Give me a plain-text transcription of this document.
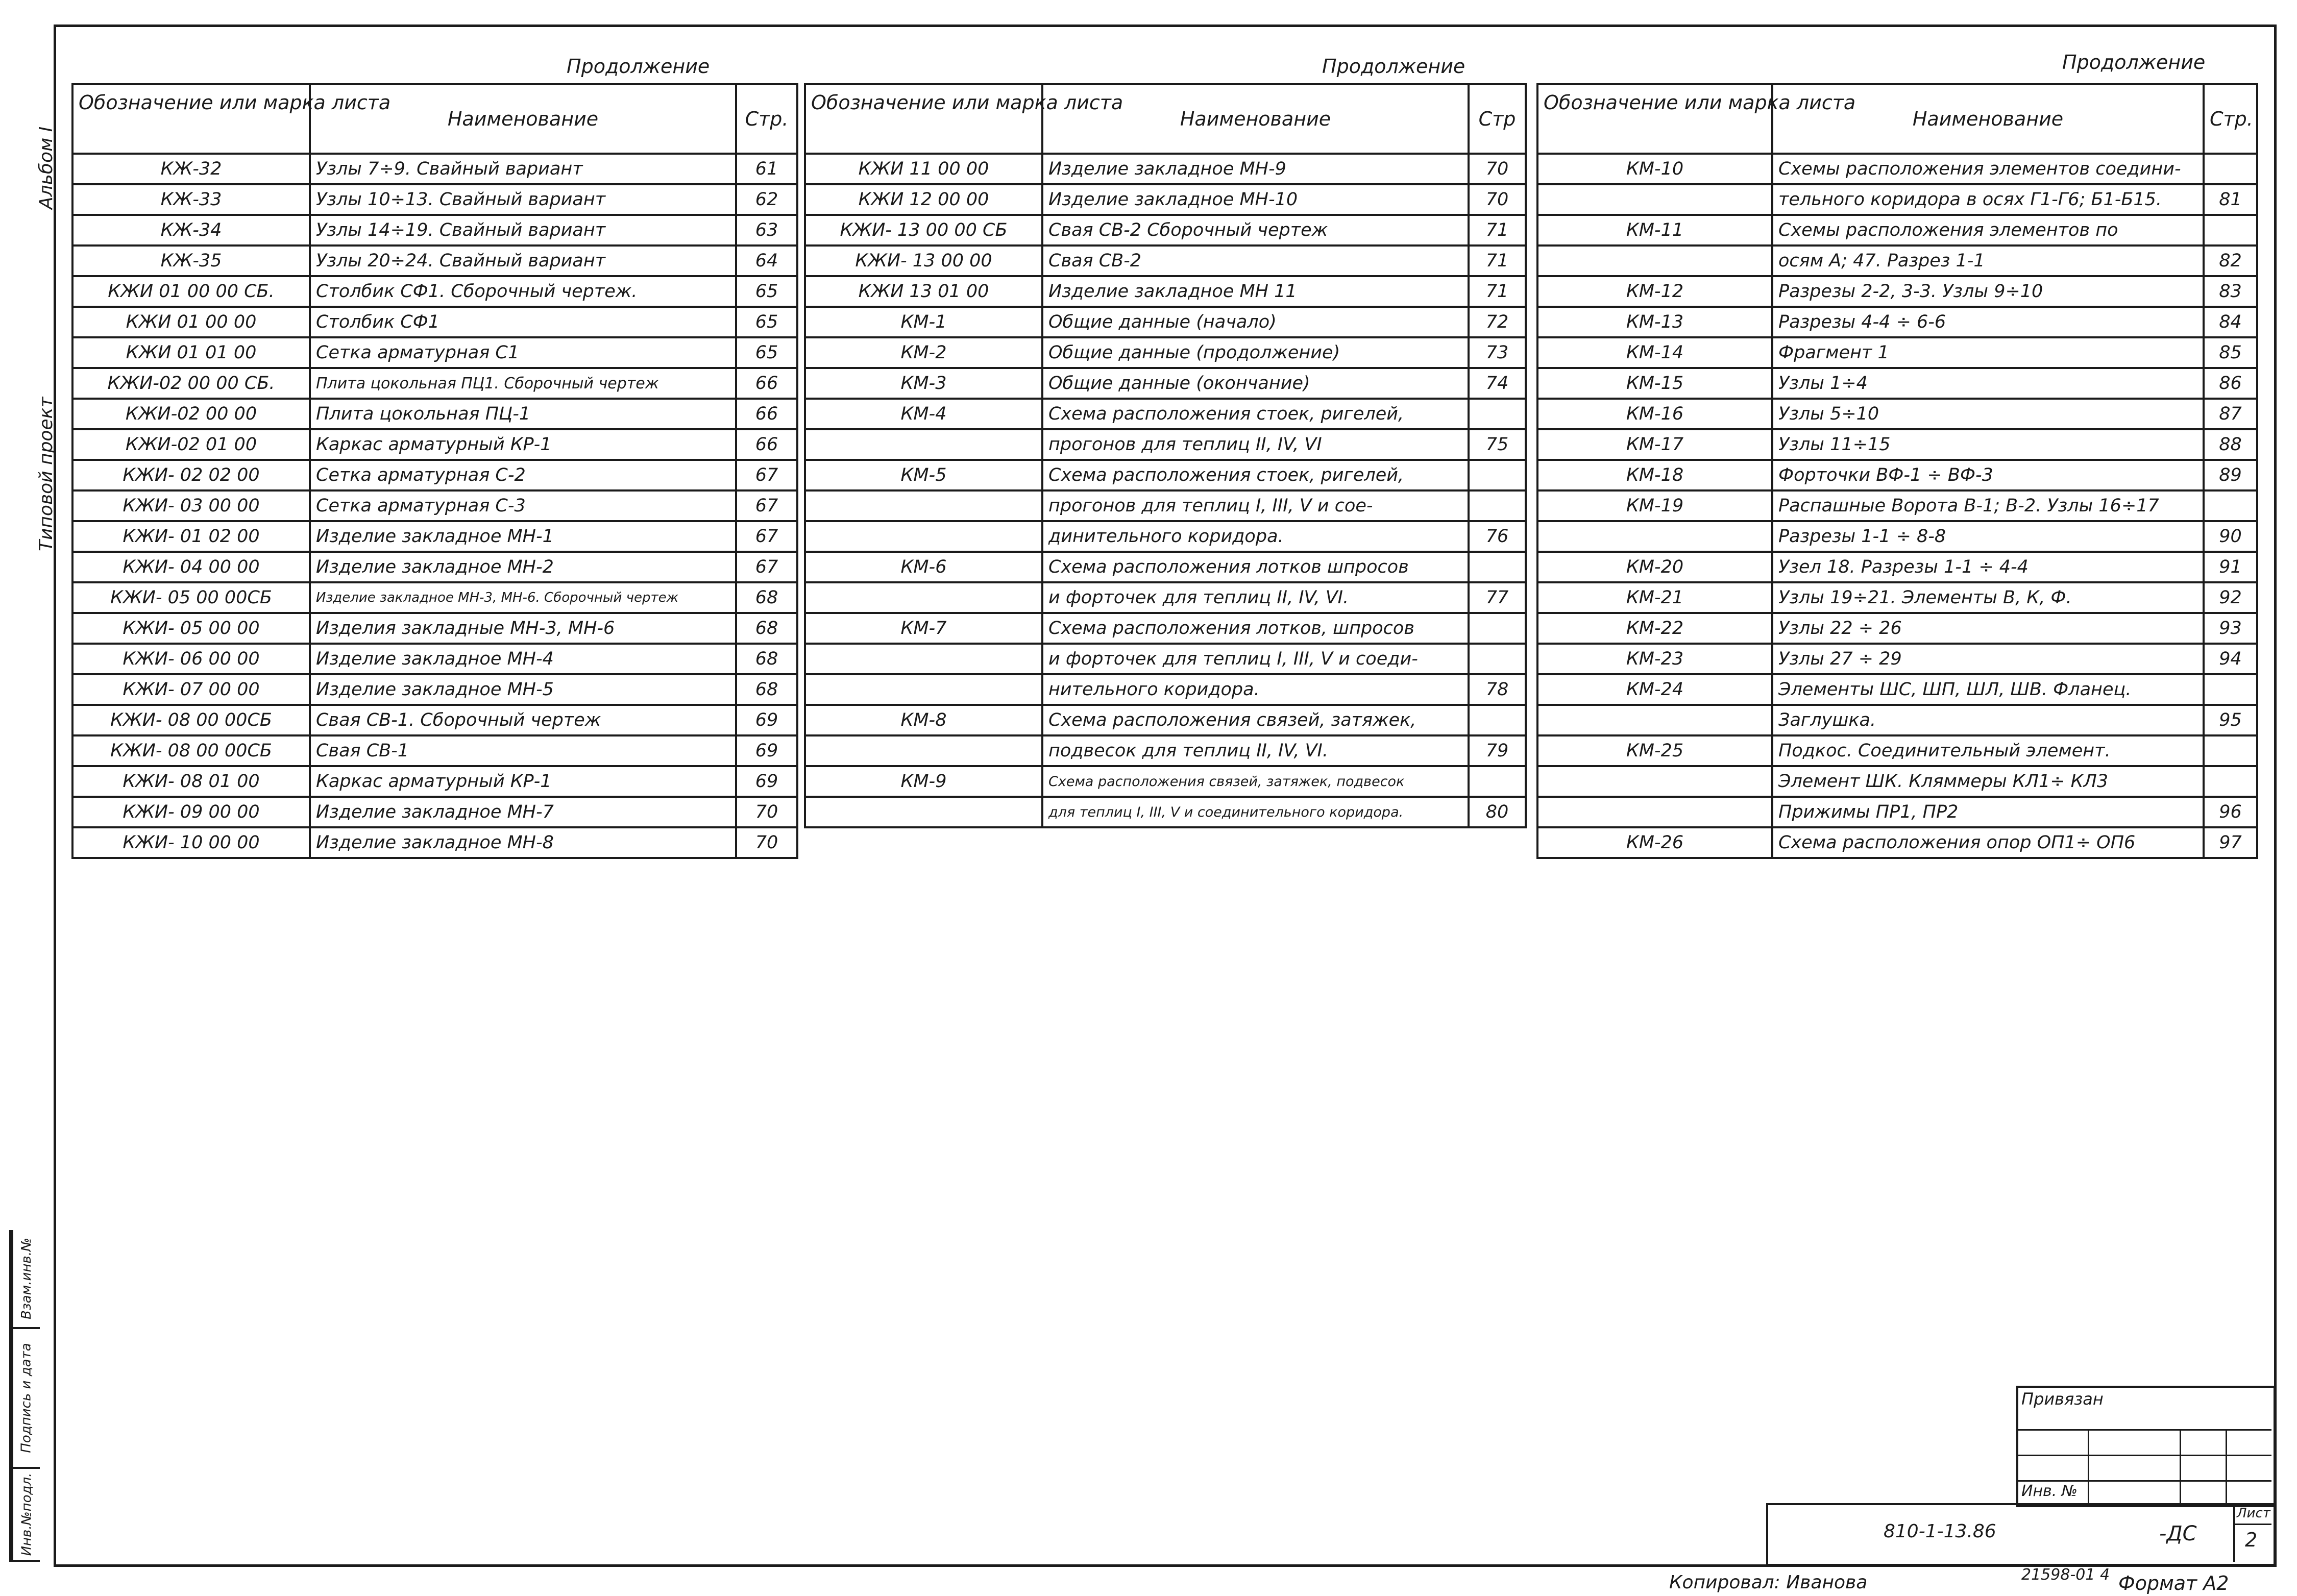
Альбом I
Типовой проект
Взам.инв.№
Подпись и дата
Инв.№подл.
Продолжение	Продолжение	Продолжение
Обозначение или марка листа	Наименование	Стр.
КЖ-32	Узлы 7÷9. Свайный вариант	61
КЖ-33	Узлы 10÷13. Свайный вариант	62
КЖ-34	Узлы 14÷19. Свайный вариант	63
КЖ-35	Узлы 20÷24. Свайный вариант	64
КЖИ 01 00 00 СБ.	Столбик СФ1. Сборочный чертеж.	65
КЖИ 01 00 00	Столбик СФ1	65
КЖИ 01 01 00	Сетка арматурная С1	65
КЖИ-02 00 00 СБ.	Плита цокольная ПЦ1. Сборочный чертеж	66
КЖИ-02 00 00	Плита цокольная ПЦ-1	66
КЖИ-02 01 00	Каркас арматурный КР-1	66
КЖИ- 02 02 00	Сетка арматурная С-2	67
КЖИ- 03 00 00	Сетка арматурная С-3	67
КЖИ- 01 02 00	Изделие закладное МН-1	67
КЖИ- 04 00 00	Изделие закладное МН-2	67
КЖИ- 05 00 00СБ	Изделие закладное МН-3, МН-6. Сборочный чертеж	68
КЖИ- 05 00 00	Изделия закладные МН-3, МН-6	68
КЖИ- 06 00 00	Изделие закладное МН-4	68
КЖИ- 07 00 00	Изделие закладное МН-5	68
КЖИ- 08 00 00СБ	Свая СВ-1. Сборочный чертеж	69
КЖИ- 08 00 00СБ	Свая СВ-1	69
КЖИ- 08 01 00	Каркас арматурный КР-1	69
КЖИ- 09 00 00	Изделие закладное МН-7	70
КЖИ- 10 00 00	Изделие закладное МН-8	70
Обозначение или марка листа	Наименование	Стр
КЖИ 11 00 00	Изделие закладное МН-9	70
КЖИ 12 00 00	Изделие закладное МН-10	70
КЖИ- 13 00 00 СБ	Свая СВ-2 Сборочный чертеж	71
КЖИ- 13 00 00	Свая СВ-2	71
КЖИ 13 01 00	Изделие закладное МН 11	71
КМ-1	Общие данные (начало)	72
КМ-2	Общие данные (продолжение)	73
КМ-3	Общие данные (окончание)	74
КМ-4	Схема расположения стоек, ригелей,	
	прогонов для теплиц II, IV, VI	75
КМ-5	Схема расположения стоек, ригелей,	
	прогонов для теплиц I, III, V и сое-	
	динительного коридора.	76
КМ-6	Схема расположения лотков шпросов	
	и форточек для теплиц II, IV, VI.	77
КМ-7	Схема расположения лотков, шпросов	
	и форточек для теплиц I, III, V и соеди-	
	нительного коридора.	78
КМ-8	Схема расположения связей, затяжек,	
	подвесок для теплиц II, IV, VI.	79
КМ-9	Схема расположения связей, затяжек, подвесок	
	для теплиц I, III, V и соединительного коридора.	80
Обозначение или марка листа	Наименование	Стр.
КМ-10	Схемы расположения элементов соедини-	
	тельного коридора в осях Г1-Г6; Б1-Б15.	81
КМ-11	Схемы расположения элементов по	
	осям А; 47. Разрез 1-1	82
КМ-12	Разрезы 2-2, 3-3. Узлы 9÷10	83
КМ-13	Разрезы 4-4 ÷ 6-6	84
КМ-14	Фрагмент 1	85
КМ-15	Узлы 1÷4	86
КМ-16	Узлы 5÷10	87
КМ-17	Узлы 11÷15	88
КМ-18	Форточки ВФ-1 ÷ ВФ-3	89
КМ-19	Распашные Ворота В-1; В-2. Узлы 16÷17	
	Разрезы 1-1 ÷ 8-8	90
КМ-20	Узел 18. Разрезы 1-1 ÷ 4-4	91
КМ-21	Узлы 19÷21. Элементы В, К, Ф.	92
КМ-22	Узлы 22 ÷ 26	93
КМ-23	Узлы 27 ÷ 29	94
КМ-24	Элементы ШС, ШП, ШЛ, ШВ. Фланец.	
	Заглушка.	95
КМ-25	Подкос. Соединительный элемент.	
	Элемент ШК. Кляммеры КЛ1÷ КЛ3	
	Прижимы ПР1, ПР2	96
КМ-26	Схема расположения опор ОП1÷ ОП6	97
Привязан
Инв. №
810-1-13.86	-ДС
Лист
2
21598-01 4
Копировал: Иванова	Формат А2
